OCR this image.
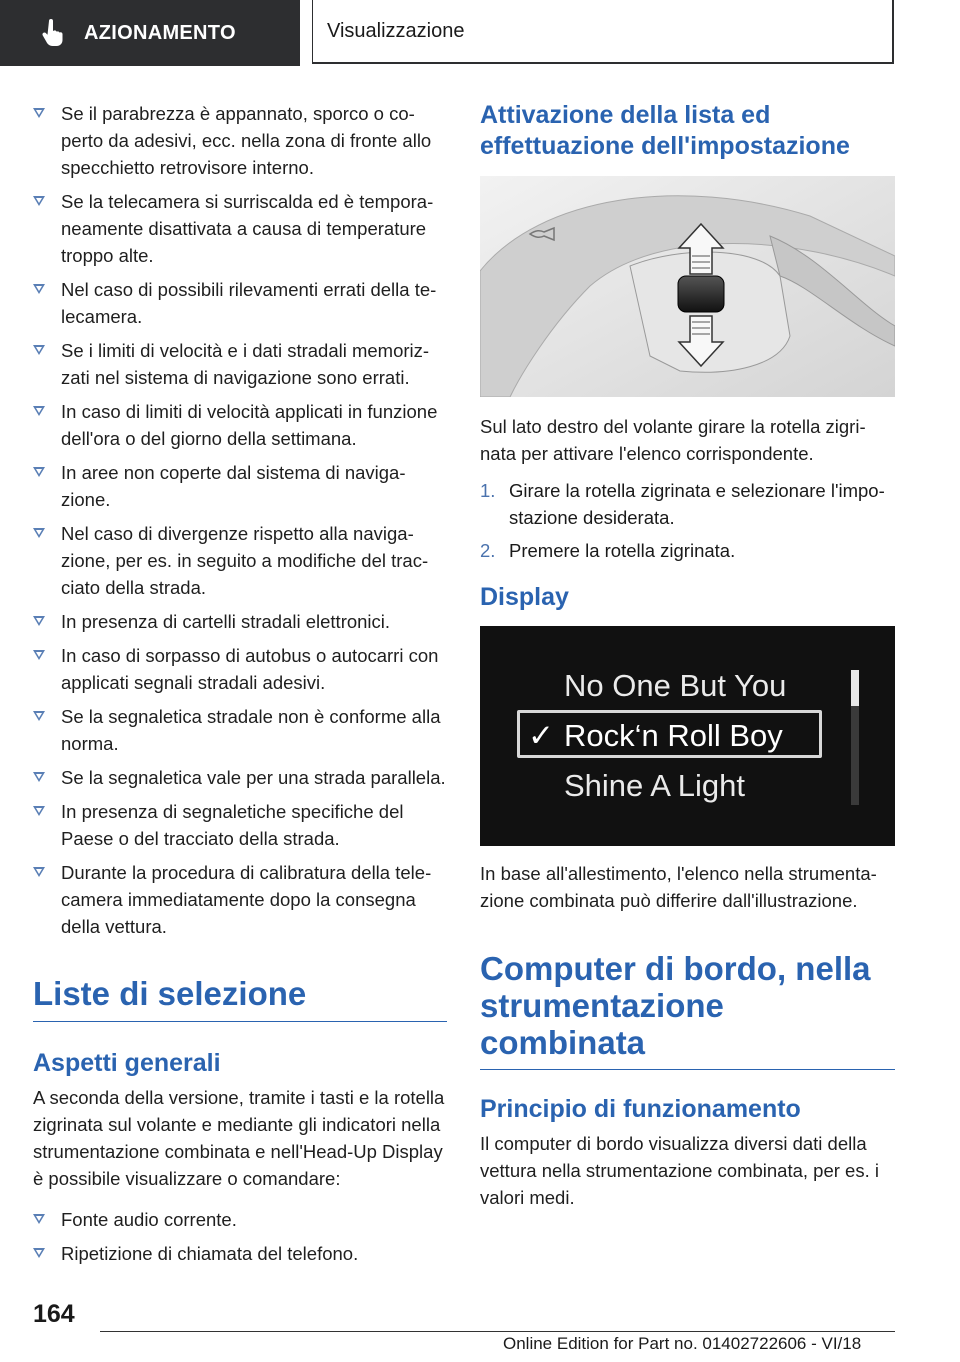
AZIONAMENTO	Visualizzazione
Se il parabrezza è appannato, sporco o coperto da adesivi, ecc. nella zona di fronte allo specchietto retrovisore interno.
Se la telecamera si surriscalda ed è temporaneamente disattivata a causa di temperature troppo alte.
Nel caso di possibili rilevamenti errati della telecamera.
Se i limiti di velocità e i dati stradali memorizzati nel sistema di navigazione sono errati.
In caso di limiti di velocità applicati in funzione dell'ora o del giorno della settimana.
In aree non coperte dal sistema di navigazione.
Nel caso di divergenze rispetto alla navigazione, per es. in seguito a modifiche del tracciato della strada.
In presenza di cartelli stradali elettronici.
In caso di sorpasso di autobus o autocarri con applicati segnali stradali adesivi.
Se la segnaletica stradale non è conforme alla norma.
Se la segnaletica vale per una strada parallela.
In presenza di segnaletiche specifiche del Paese o del tracciato della strada.
Durante la procedura di calibratura della telecamera immediatamente dopo la consegna della vettura.
Liste di selezione
Aspetti generali

A seconda della versione, tramite i tasti e la rotella zigrinata sul volante e mediante gli indicatori nella strumentazione combinata e nell'Head-Up Display è possibile visualizzare o comandare:

Fonte audio corrente.
Ripetizione di chiamata del telefono.
Attivazione della lista ed effettuazione dell'impostazione

Sul lato destro del volante girare la rotella zigrinata per attivare l'elenco corrispondente.

1. Girare la rotella zigrinata e selezionare l'impostazione desiderata.
2. Premere la rotella zigrinata.
Display
No One But You
✓ Rock‘n Roll Boy
Shine A Light

In base all'allestimento, l'elenco nella strumentazione combinata può differire dall'illustrazione.

Computer di bordo, nella strumentazione combinata
Principio di funzionamento

Il computer di bordo visualizza diversi dati della vettura nella strumentazione combinata, per es. i valori medi.

164
Online Edition for Part no. 01402722606 - VI/18
